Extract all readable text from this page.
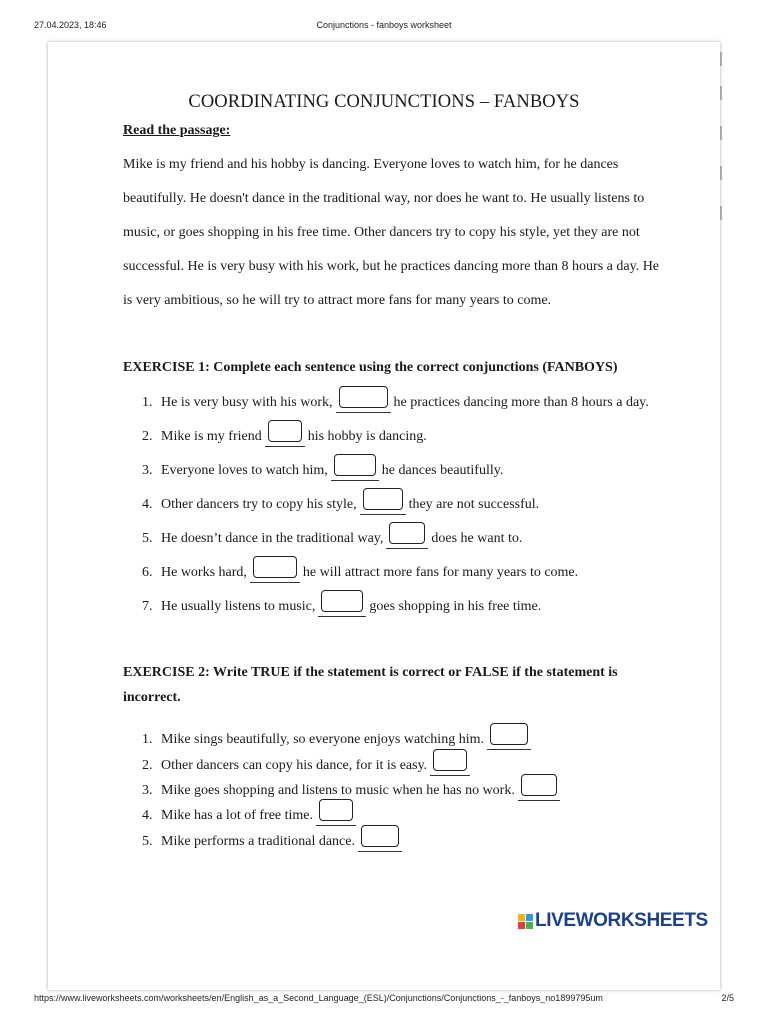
27.04.2023, 18:46	Conjunctions - fanboys worksheet
COORDINATING CONJUNCTIONS – FANBOYS
Read the passage:
Mike is my friend and his hobby is dancing. Everyone loves to watch him, for he dances
beautifully. He doesn't dance in the traditional way, nor does he want to. He usually listens to
music, or goes shopping in his free time. Other dancers try to copy his style, yet they are not
successful. He is very busy with his work, but he practices dancing more than 8 hours a day. He
is very ambitious, so he will try to attract more fans for many years to come.
EXERCISE 1: Complete each sentence using the correct conjunctions (FANBOYS)
1. He is very busy with his work,	he practices dancing more than 8 hours a day.
2. Mike is my friend	his hobby is dancing.
3. Everyone loves to watch him,	he dances beautifully.
4. Other dancers try to copy his style,	they are not successful.
5. He doesn’t dance in the traditional way,	does he want to.
6. He works hard,	he will attract more fans for many years to come.
7. He usually listens to music,	goes shopping in his free time.
EXERCISE 2: Write TRUE if the statement is correct or FALSE if the statement is
incorrect.
1. Mike sings beautifully, so everyone enjoys watching him.
2. Other dancers can copy his dance, for it is easy.
3. Mike goes shopping and listens to music when he has no work.
4. Mike has a lot of free time.
5. Mike performs a traditional dance.
LIVEWORKSHEETS
https://www.liveworksheets.com/worksheets/en/English_as_a_Second_Language_(ESL)/Conjunctions/Conjunctions_-_fanboys_no1899795um	2/5
